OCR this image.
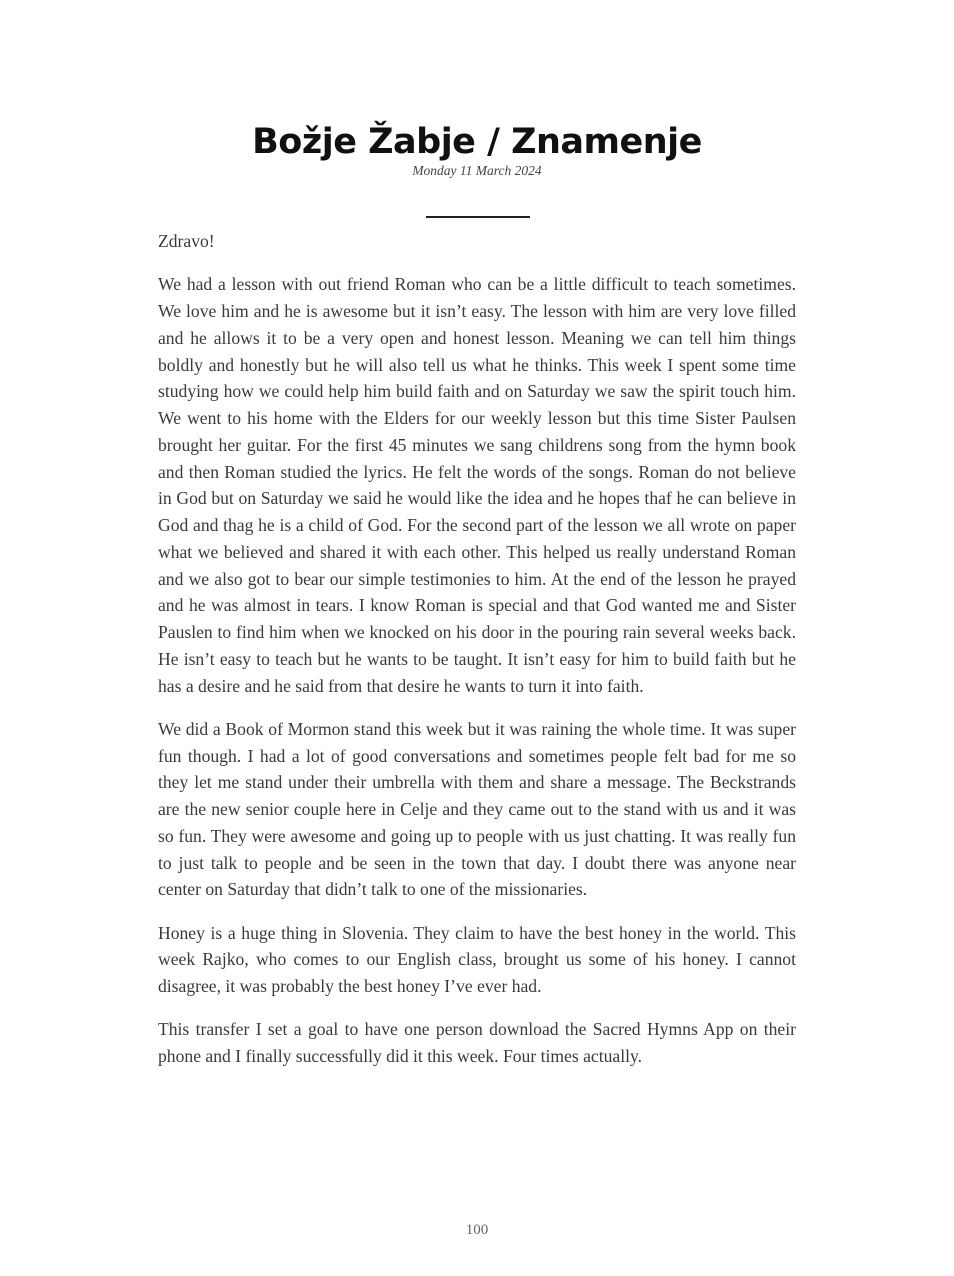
Božje Žabje / Znamenje
Monday 11 March 2024

Zdravo!

We had a lesson with out friend Roman who can be a little difficult to teach sometimes. We love him and he is awesome but it isn’t easy. The lesson with him are very love filled and he allows it to be a very open and honest lesson. Meaning we can tell him things boldly and honestly but he will also tell us what he thinks. This week I spent some time studying how we could help him build faith and on Saturday we saw the spirit touch him. We went to his home with the Elders for our weekly lesson but this time Sister Paulsen brought her guitar. For the first 45 minutes we sang childrens song from the hymn book and then Roman studied the lyrics. He felt the words of the songs. Roman do not believe in God but on Saturday we said he would like the idea and he hopes thaf he can believe in God and thag he is a child of God. For the second part of the lesson we all wrote on paper what we believed and shared it with each other. This helped us really understand Roman and we also got to bear our simple testimonies to him. At the end of the lesson he prayed and he was almost in tears. I know Roman is special and that God wanted me and Sister Pauslen to find him when we knocked on his door in the pouring rain several weeks back. He isn’t easy to teach but he wants to be taught. It isn’t easy for him to build faith but he has a desire and he said from that desire he wants to turn it into faith.

We did a Book of Mormon stand this week but it was raining the whole time. It was super fun though. I had a lot of good conversations and sometimes people felt bad for me so they let me stand under their umbrella with them and share a message. The Beckstrands are the new senior couple here in Celje and they came out to the stand with us and it was so fun. They were awesome and going up to people with us just chatting. It was really fun to just talk to people and be seen in the town that day. I doubt there was anyone near center on Saturday that didn’t talk to one of the missionaries.

Honey is a huge thing in Slovenia. They claim to have the best honey in the world. This week Rajko, who comes to our English class, brought us some of his honey. I cannot disagree, it was probably the best honey I’ve ever had.

This transfer I set a goal to have one person download the Sacred Hymns App on their phone and I finally successfully did it this week. Four times actually.

100
